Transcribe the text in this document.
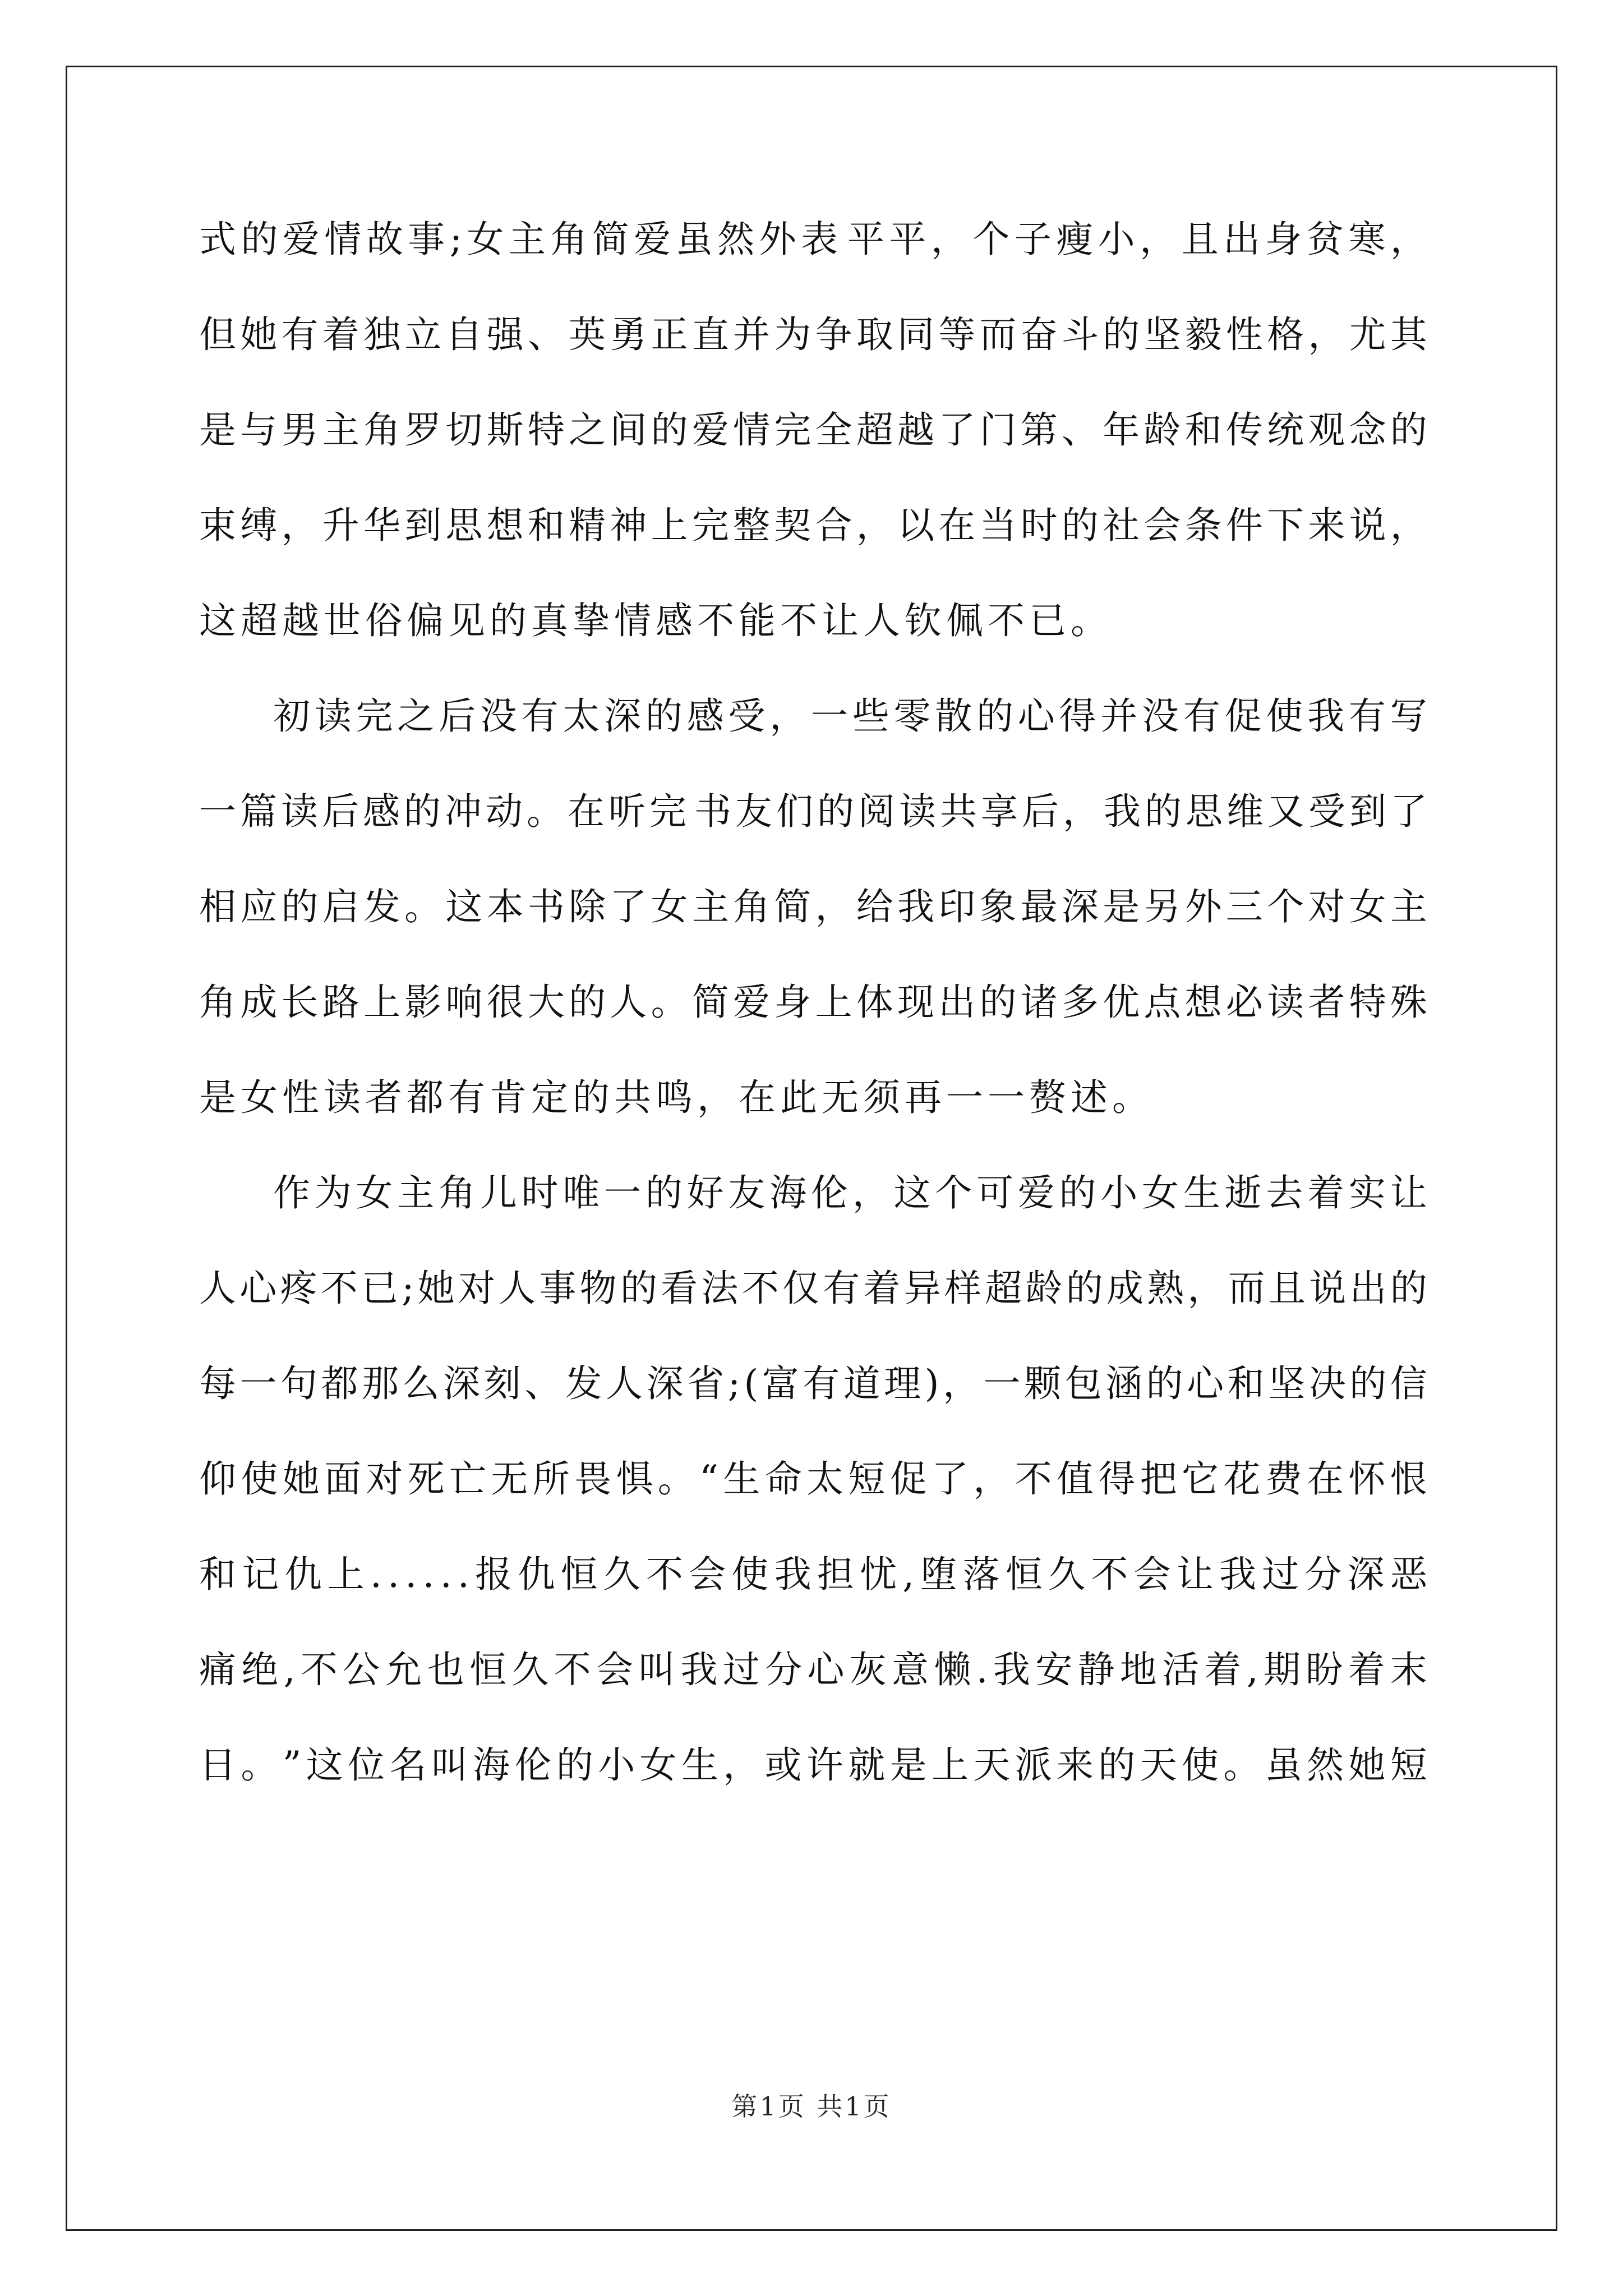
式 的 爱 情 故 事 ; 女 主 角 简 爱 虽 然 外 表 平 平 ， 个 子 瘦 小 ， 且 出 身 贫 寒 ，
但 她 有 着 独 立 自 强 、 英 勇 正 直 并 为 争 取 同 等 而 奋 斗 的 坚 毅 性 格 ， 尤 其
是 与 男 主 角 罗 切 斯 特 之 间 的 爱 情 完 全 超 越 了 门 第 、 年 龄 和 传 统 观 念 的
束 缚 ， 升 华 到 思 想 和 精 神 上 完 整 契 合 ， 以 在 当 时 的 社 会 条 件 下 来 说 ，
这超越世俗偏见的真挚情感不能不让人钦佩不已。
初 读 完 之 后 没 有 太 深 的 感 受 ， 一 些 零 散 的 心 得 并 没 有 促 使 我 有 写
一 篇 读 后 感 的 冲 动 。 在 听 完 书 友 们 的 阅 读 共 享 后 ， 我 的 思 维 又 受 到 了
相 应 的 启 发 。 这 本 书 除 了 女 主 角 简 ， 给 我 印 象 最 深 是 另 外 三 个 对 女 主
角 成 长 路 上 影 响 很 大 的 人 。 简 爱 身 上 体 现 出 的 诸 多 优 点 想 必 读 者 特 殊
是女性读者都有肯定的共鸣，在此无须再一一赘述。
作 为 女 主 角 儿 时 唯 一 的 好 友 海 伦 ， 这 个 可 爱 的 小 女 生 逝 去 着 实 让
人 心 疼 不 已 ; 她 对 人 事 物 的 看 法 不 仅 有 着 异 样 超 龄 的 成 熟 ， 而 且 说 出 的
每 一 句 都 那 么 深 刻 、 发 人 深 省 ; ( 富 有 道 理 ) ， 一 颗 包 涵 的 心 和 坚 决 的 信
仰 使 她 面 对 死 亡 无 所 畏 惧 。 “ 生 命 太 短 促 了 ， 不 值 得 把 它 花 费 在 怀 恨
和 记 仇 上 . . . . . . 报 仇 恒 久 不 会 使 我 担 忧 , 堕 落 恒 久 不 会 让 我 过 分 深 恶
痛 绝 , 不 公 允 也 恒 久 不 会 叫 我 过 分 心 灰 意 懒 . 我 安 静 地 活 着 , 期 盼 着 末
日 。 ” 这 位 名 叫 海 伦 的 小 女 生 ， 或 许 就 是 上 天 派 来 的 天 使 。 虽 然 她 短
第1页 共1页
